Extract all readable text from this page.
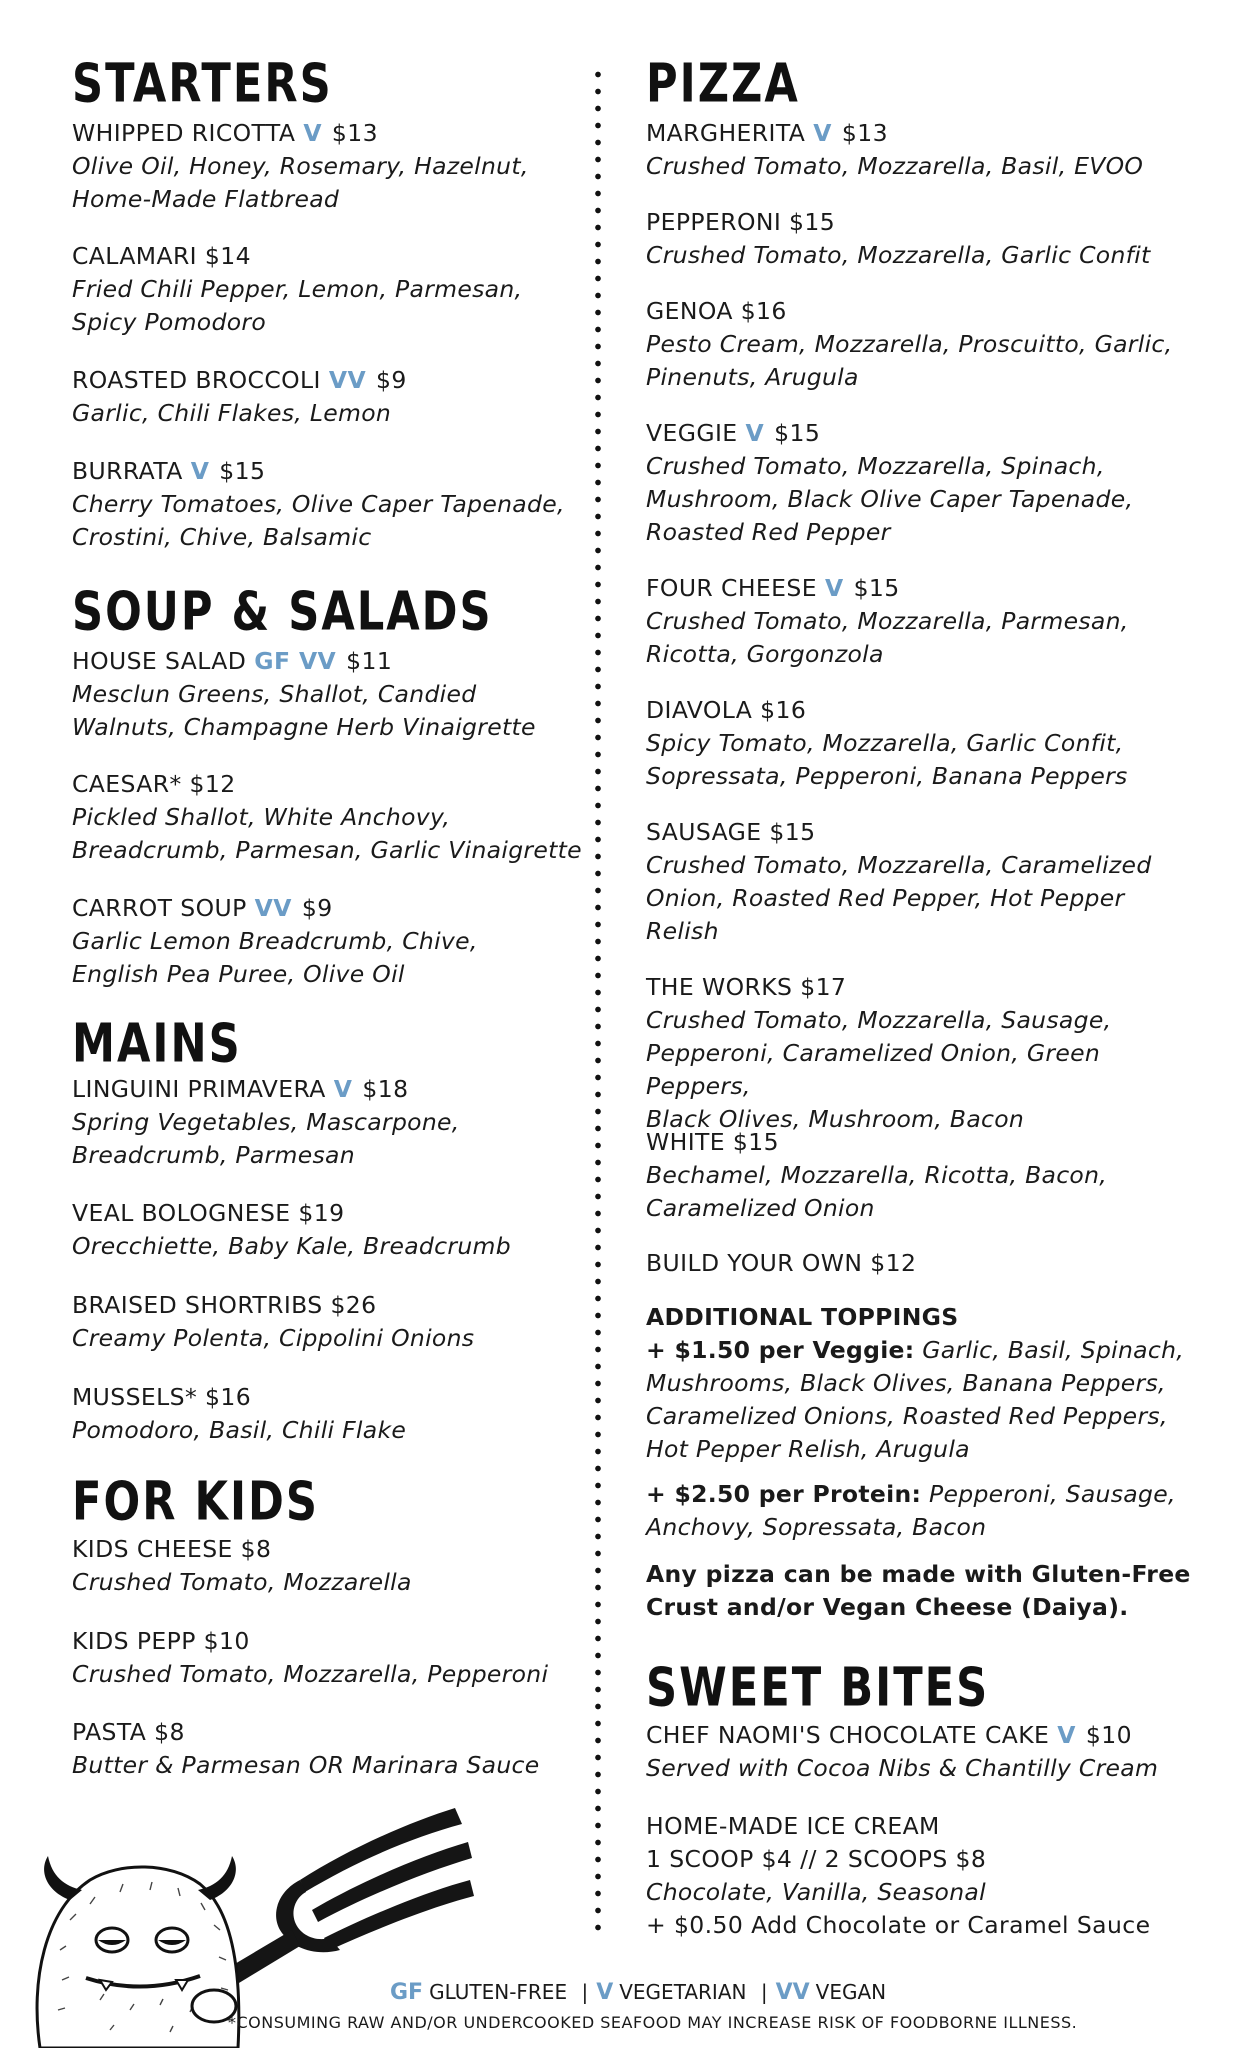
STARTERS
WHIPPED RICOTTA V $13
Olive Oil, Honey, Rosemary, Hazelnut,
Home-Made Flatbread
CALAMARI $14
Fried Chili Pepper, Lemon, Parmesan,
Spicy Pomodoro
ROASTED BROCCOLI VV $9
Garlic, Chili Flakes, Lemon
BURRATA V $15
Cherry Tomatoes, Olive Caper Tapenade,
Crostini, Chive, Balsamic
SOUP & SALADS
HOUSE SALAD GF VV $11
Mesclun Greens, Shallot, Candied
Walnuts, Champagne Herb Vinaigrette
CAESAR* $12
Pickled Shallot, White Anchovy,
Breadcrumb, Parmesan, Garlic Vinaigrette
CARROT SOUP VV $9
Garlic Lemon Breadcrumb, Chive,
English Pea Puree, Olive Oil
MAINS
LINGUINI PRIMAVERA V $18
Spring Vegetables, Mascarpone,
Breadcrumb, Parmesan
VEAL BOLOGNESE $19
Orecchiette, Baby Kale, Breadcrumb
BRAISED SHORTRIBS $26
Creamy Polenta, Cippolini Onions
MUSSELS* $16
Pomodoro, Basil, Chili Flake
FOR KIDS
KIDS CHEESE $8
Crushed Tomato, Mozzarella
KIDS PEPP $10
Crushed Tomato, Mozzarella, Pepperoni
PASTA $8
Butter & Parmesan OR Marinara Sauce
PIZZA
MARGHERITA V $13
Crushed Tomato, Mozzarella, Basil, EVOO
PEPPERONI $15
Crushed Tomato, Mozzarella, Garlic Confit
GENOA $16
Pesto Cream, Mozzarella, Proscuitto, Garlic,
Pinenuts, Arugula
VEGGIE V $15
Crushed Tomato, Mozzarella, Spinach,
Mushroom, Black Olive Caper Tapenade,
Roasted Red Pepper
FOUR CHEESE V $15
Crushed Tomato, Mozzarella, Parmesan,
Ricotta, Gorgonzola
DIAVOLA $16
Spicy Tomato, Mozzarella, Garlic Confit,
Sopressata, Pepperoni, Banana Peppers
SAUSAGE $15
Crushed Tomato, Mozzarella, Caramelized
Onion, Roasted Red Pepper, Hot Pepper
Relish
THE WORKS $17
Crushed Tomato, Mozzarella, Sausage,
Pepperoni, Caramelized Onion, Green Peppers,
Black Olives, Mushroom, Bacon
WHITE $15
Bechamel, Mozzarella, Ricotta, Bacon,
Caramelized Onion
BUILD YOUR OWN $12
ADDITIONAL TOPPINGS
+ $1.50 per Veggie: Garlic, Basil, Spinach,
Mushrooms, Black Olives, Banana Peppers,
Caramelized Onions, Roasted Red Peppers,
Hot Pepper Relish, Arugula
+ $2.50 per Protein: Pepperoni, Sausage,
Anchovy, Sopressata, Bacon
Any pizza can be made with Gluten-Free
Crust and/or Vegan Cheese (Daiya).
SWEET BITES
CHEF NAOMI'S CHOCOLATE CAKE V $10
Served with Cocoa Nibs & Chantilly Cream
HOME-MADE ICE CREAM
1 SCOOP $4 // 2 SCOOPS $8
Chocolate, Vanilla, Seasonal
+ $0.50 Add Chocolate or Caramel Sauce
GF GLUTEN-FREE | V VEGETARIAN | VV VEGAN
*CONSUMING RAW AND/OR UNDERCOOKED SEAFOOD MAY INCREASE RISK OF FOODBORNE ILLNESS.
